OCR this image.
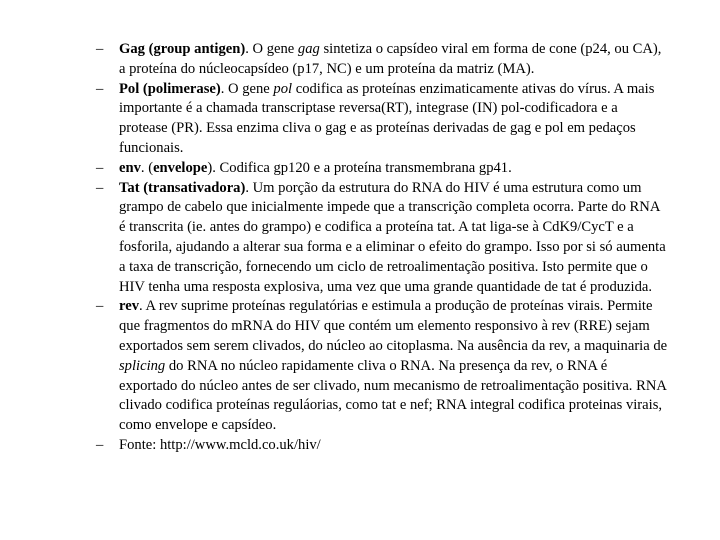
– Gag (group antigen). O gene gag sintetiza o capsídeo viral em forma de cone (p24, ou CA), a proteína do núcleocapsídeo (p17, NC) e um proteína da matriz (MA).
– Pol (polimerase). O gene pol codifica as proteínas enzimaticamente ativas do vírus. A mais importante é a chamada transcriptase reversa(RT), integrase (IN) pol-codificadora e a protease (PR). Essa enzima cliva o gag e as proteínas derivadas de gag e pol em pedaços funcionais.
– env. (envelope). Codifica gp120 e a proteína transmembrana gp41.
– Tat (transativadora). Um porção da estrutura do RNA do HIV é uma estrutura como um grampo de cabelo que inicialmente impede que a transcrição completa ocorra. Parte do RNA é transcrita (ie. antes do grampo) e codifica a proteína tat. A tat liga-se à CdK9/CycT e a fosforila, ajudando a alterar sua forma e a eliminar o efeito do grampo. Isso por si só aumenta a taxa de transcrição, fornecendo um ciclo de retroalimentação positiva. Isto permite que o HIV tenha uma resposta explosiva, uma vez que uma grande quantidade de tat é produzida.
– rev. A rev suprime proteínas regulatórias e estimula a produção de proteínas virais. Permite que fragmentos do mRNA do HIV que contém um elemento responsivo à rev (RRE) sejam exportados sem serem clivados, do núcleo ao citoplasma. Na ausência da rev, a maquinaria de splicing do RNA no núcleo rapidamente cliva o RNA. Na presença da rev, o RNA é exportado do núcleo antes de ser clivado, num mecanismo de retroalimentação positiva. RNA clivado codifica proteínas reguláorias, como tat e nef; RNA integral codifica proteinas virais, como envelope e capsídeo.
– Fonte: http://www.mcld.co.uk/hiv/
